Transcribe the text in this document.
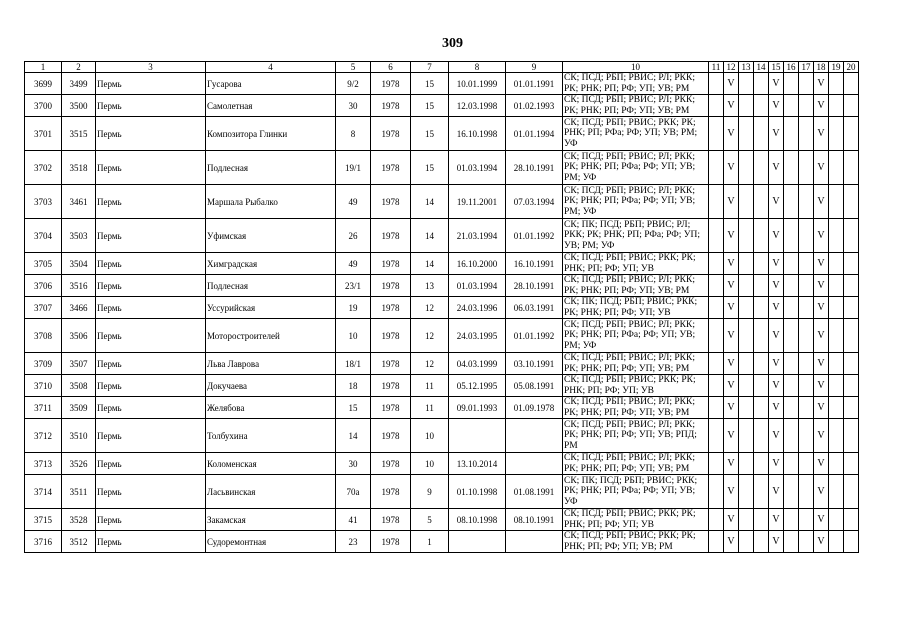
309
1	2	3	4	5	6	7	8	9	10	11	12	13	14	15	16	17	18	19	20
3699	3499	Пермь	Гусарова	9/2	1978	15	10.01.1999	01.01.1991	СК; ПСД; РБП; РВИС; РЛ; РКК; РК; РНК; РП; РФ; УП; УВ; РМ		V			V			V		
3700	3500	Пермь	Самолетная	30	1978	15	12.03.1998	01.02.1993	СК; ПСД; РБП; РВИС; РЛ; РКК; РК; РНК; РП; РФ; УП; УВ; РМ		V			V			V		
3701	3515	Пермь	Композитора Глинки	8	1978	15	16.10.1998	01.01.1994	СК; ПСД; РБП; РВИС; РКК; РК; РНК; РП; РФа; РФ; УП; УВ; РМ; УФ		V			V			V		
3702	3518	Пермь	Подлесная	19/1	1978	15	01.03.1994	28.10.1991	СК; ПСД; РБП; РВИС; РЛ; РКК; РК; РНК; РП; РФа; РФ; УП; УВ; РМ; УФ		V			V			V		
3703	3461	Пермь	Маршала Рыбалко	49	1978	14	19.11.2001	07.03.1994	СК; ПСД; РБП; РВИС; РЛ; РКК; РК; РНК; РП; РФа; РФ; УП; УВ; РМ; УФ		V			V			V		
3704	3503	Пермь	Уфимская	26	1978	14	21.03.1994	01.01.1992	СК; ПК; ПСД; РБП; РВИС; РЛ; РКК; РК; РНК; РП; РФа; РФ; УП; УВ; РМ; УФ		V			V			V		
3705	3504	Пермь	Химградская	49	1978	14	16.10.2000	16.10.1991	СК; ПСД; РБП; РВИС; РКК; РК; РНК; РП; РФ; УП; УВ		V			V			V		
3706	3516	Пермь	Подлесная	23/1	1978	13	01.03.1994	28.10.1991	СК; ПСД; РБП; РВИС; РЛ; РКК; РК; РНК; РП; РФ; УП; УВ; РМ		V			V			V		
3707	3466	Пермь	Уссурийская	19	1978	12	24.03.1996	06.03.1991	СК; ПК; ПСД; РБП; РВИС; РКК; РК; РНК; РП; РФ; УП; УВ		V			V			V		
3708	3506	Пермь	Моторостроителей	10	1978	12	24.03.1995	01.01.1992	СК; ПСД; РБП; РВИС; РЛ; РКК; РК; РНК; РП; РФа; РФ; УП; УВ; РМ; УФ		V			V			V		
3709	3507	Пермь	Льва Лаврова	18/1	1978	12	04.03.1999	03.10.1991	СК; ПСД; РБП; РВИС; РЛ; РКК; РК; РНК; РП; РФ; УП; УВ; РМ		V			V			V		
3710	3508	Пермь	Докучаева	18	1978	11	05.12.1995	05.08.1991	СК; ПСД; РБП; РВИС; РКК; РК; РНК; РП; РФ; УП; УВ		V			V			V		
3711	3509	Пермь	Желябова	15	1978	11	09.01.1993	01.09.1978	СК; ПСД; РБП; РВИС; РЛ; РКК; РК; РНК; РП; РФ; УП; УВ; РМ		V			V			V		
3712	3510	Пермь	Толбухина	14	1978	10			СК; ПСД; РБП; РВИС; РЛ; РКК; РК; РНК; РП; РФ; УП; УВ; РПД; РМ		V			V			V		
3713	3526	Пермь	Коломенская	30	1978	10	13.10.2014		СК; ПСД; РБП; РВИС; РЛ; РКК; РК; РНК; РП; РФ; УП; УВ; РМ		V			V			V		
3714	3511	Пермь	Ласьвинская	70а	1978	9	01.10.1998	01.08.1991	СК; ПК; ПСД; РБП; РВИС; РКК; РК; РНК; РП; РФа; РФ; УП; УВ; УФ		V			V			V		
3715	3528	Пермь	Закамская	41	1978	5	08.10.1998	08.10.1991	СК; ПСД; РБП; РВИС; РКК; РК; РНК; РП; РФ; УП; УВ		V			V			V		
3716	3512	Пермь	Судоремонтная	23	1978	1			СК; ПСД; РБП; РВИС; РКК; РК; РНК; РП; РФ; УП; УВ; РМ		V			V			V		
